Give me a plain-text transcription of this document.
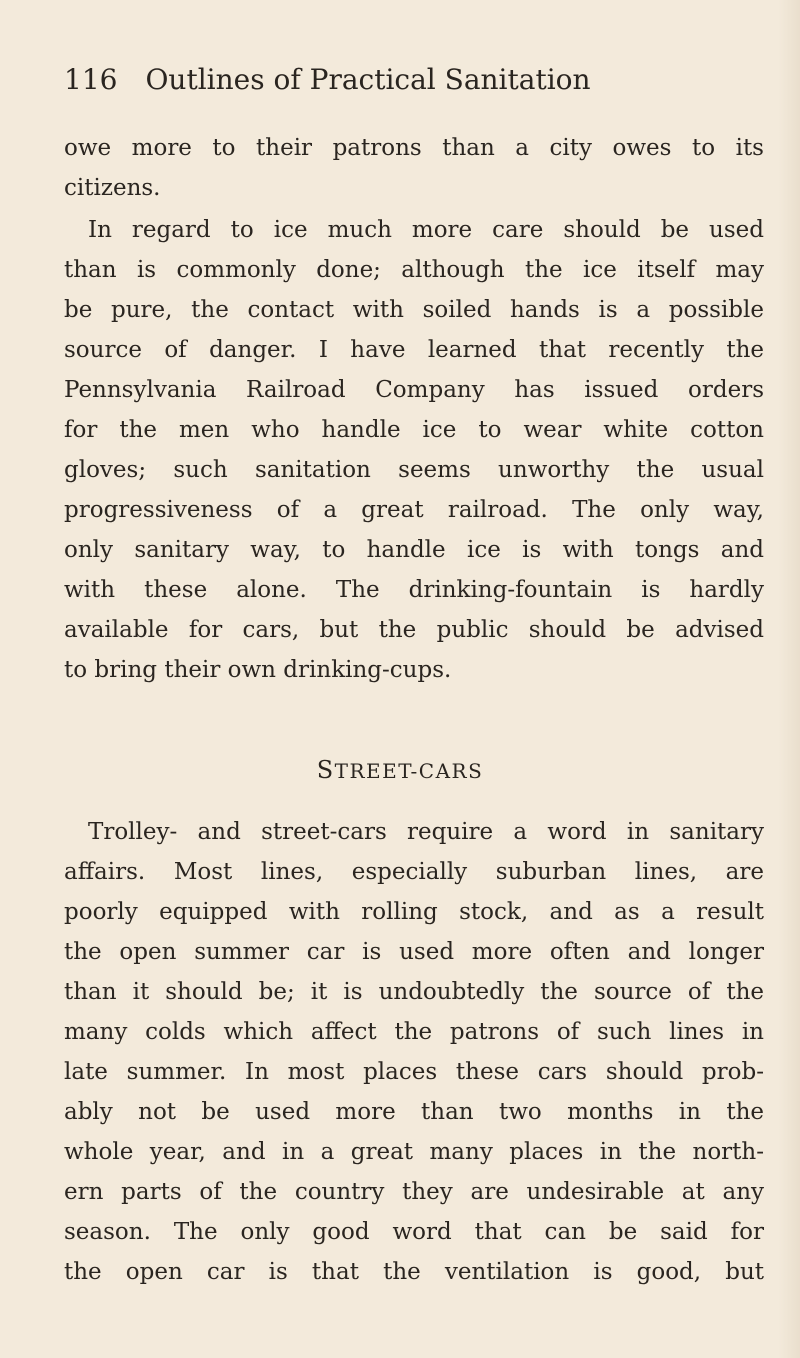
116 Outlines of Practical Sanitation
owe more to their patrons than a city owes to its
citizens.
In regard to ice much more care should be used
than is commonly done; although the ice itself may
be pure, the contact with soiled hands is a possible
source of danger. I have learned that recently the
Pennsylvania Railroad Company has issued orders
for the men who handle ice to wear white cotton
gloves; such sanitation seems unworthy the usual
progressiveness of a great railroad. The only way,
only sanitary way, to handle ice is with tongs and
with these alone. The drinking-fountain is hardly
available for cars, but the public should be advised
to bring their own drinking-cups.
STREET-CARS
Trolley- and street-cars require a word in sanitary
affairs. Most lines, especially suburban lines, are
poorly equipped with rolling stock, and as a result
the open summer car is used more often and longer
than it should be; it is undoubtedly the source of the
many colds which affect the patrons of such lines in
late summer. In most places these cars should prob-
ably not be used more than two months in the
whole year, and in a great many places in the north-
ern parts of the country they are undesirable at any
season. The only good word that can be said for
the open car is that the ventilation is good, but
